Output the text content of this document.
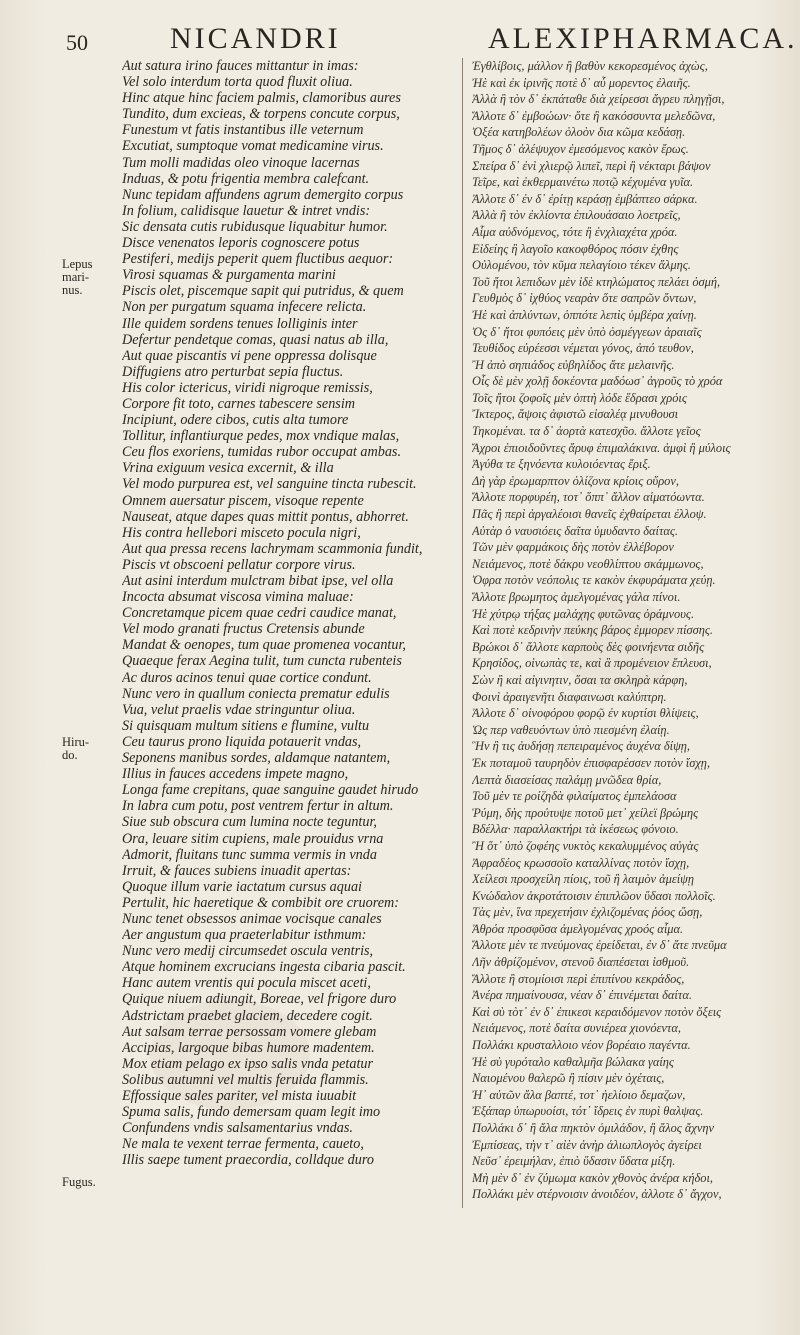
50	NICANDRI	ALEXIPHARMACA.
Lepus mari- nus.
Hiru- do.
Fugus.
Aut satura irino fauces mittantur in imas:
Vel solo interdum torta quod fluxit oliua.
Hinc atque hinc faciem palmis, clamoribus aures
Tundito, dum excieas, & torpens concute corpus,
Funestum vt fatis instantibus ille veternum
Excutiat, sumptoque vomat medicamine virus.
Tum molli madidas oleo vinoque lacernas
Induas, & potu frigentia membra calefcant.
Nunc tepidam affundens agrum demergito corpus
In folium, calidisque lauetur & intret vndis:
Sic densata cutis rubidusque liquabitur humor.
Disce venenatos leporis cognoscere potus
Pestiferi, medijs peperit quem fluctibus aequor:
Virosi squamas & purgamenta marini
Piscis olet, piscemque sapit qui putridus, & quem
Non per purgatum squama infecere relicta.
Ille quidem sordens tenues lolliginis inter
Defertur pendetque comas, quasi natus ab illa,
Aut quae piscantis vi pene oppressa dolisque
Diffugiens atro perturbat sepia fluctus.
His color ictericus, viridi nigroque remissis,
Corpore fit toto, carnes tabescere sensim
Incipiunt, odere cibos, cutis alta tumore
Tollitur, inflantiurque pedes, mox vndique malas,
Ceu flos exoriens, tumidas rubor occupat ambas.
Vrina exiguum vesica excernit, & illa
Vel modo purpurea est, vel sanguine tincta rubescit.
Omnem auersatur piscem, visoque repente
Nauseat, atque dapes quas mittit pontus, abhorret.
His contra hellebori misceto pocula nigri,
Aut qua pressa recens lachrymam scammonia fundit,
Piscis vt obscoeni pellatur corpore virus.
Aut asini interdum mulctram bibat ipse, vel olla
Incocta absumat viscosa vimina maluae:
Concretamque picem quae cedri caudice manat,
Vel modo granati fructus Cretensis abunde
Mandat & oenopes, tum quae promenea vocantur,
Quaeque ferax Aegina tulit, tum cuncta rubenteis
Ac duros acinos tenui quae cortice condunt.
Nunc vero in quallum coniecta prematur edulis
Vua, velut praelis vdae stringuntur oliua.
Si quisquam multum sitiens e flumine, vultu
Ceu taurus prono liquida potauerit vndas,
Seponens manibus sordes, aldamque natantem,
Illius in fauces accedens impete magno,
Longa fame crepitans, quae sanguine gaudet hirudo
In labra cum potu, post ventrem fertur in altum.
Siue sub obscura cum lumina nocte teguntur,
Ora, leuare sitim cupiens, male prouidus vrna
Admorit, fluitans tunc summa vermis in vnda
Irruit, & fauces subiens inuadit apertas:
Quoque illum varie iactatum cursus aquai
Pertulit, hic haeretique & combibit ore cruorem:
Nunc tenet obsessos animae vocisque canales
Aer angustum qua praeterlabitur isthmum:
Nunc vero medij circumsedet oscula ventris,
Atque hominem excrucians ingesta cibaria pascit.
Hanc autem vrentis qui pocula miscet aceti,
Quique niuem adiungit, Boreae, vel frigore duro
Adstrictam praebet glaciem, decedere cogit.
Aut salsam terrae persossam vomere glebam
Accipias, largoque bibas humore madentem.
Mox etiam pelago ex ipso salis vnda petatur
Solibus autumni vel multis feruida flammis.
Effossique sales pariter, vel mista iuuabit
Spuma salis, fundo demersam quam legit imo
Confundens vndis salsamentarius vndas.
Ne mala te vexent terrae fermenta, caueto,
Illis saepe tument praecordia, colldque duro
Ἐγθλίβοις, μάλλον ἢ βαθὺν κεκορεσμένος ἀχὼς,
Ἠὲ καὶ ἐκ ἰρινῆς ποτὲ δ᾽ αὖ μορεντος ἐλαιῆς.
Ἀλλὰ ἢ τὸν δ᾽ ἐκπάταθε διὰ χείρεσσι ἄγρευ πληγῇσι,
Ἄλλοτε δ᾽ ἐμβοώων· ὅτε ἢ κακόσσυντα μελεδῶνα,
Ὀξέα κατηβολέων ὀλοὸν δια κῶμα κεδάσῃ.
Τῆμος δ᾽ ἀλέψυχον ἐμεσόμενος κακὸν ἔρως.
Σπείρα δ᾽ ἐνὶ χλιερῷ λιπεῖ, περὶ ἢ νέκταρι βάψον
Τεῖρε, καὶ ἐκθερμαινέτω ποτῷ κέχυμένα γυῖα.
Ἀλλοτε δ᾽ ἐν δ᾽ ἐρίτῃ κεράσῃ ἐμβάπτεο σάρκα.
Ἀλλὰ ἢ τὸν ἐκλίοντα ἐπιλουάσαιο λοετρεῖς,
Αἷμα αὐδνόμενος, τότε ἢ ἐνχλιαχέτα χρόα.
Εἰδείης ἢ λαγοῖο κακοφθόρος πόσιν ἐχθης
Οὐλομένου, τὸν κῦμα πελαγίοιο τέκεν ἅλμης.
Τοῦ ἤτοι λεπιδων μὲν ἰδὲ κτηλώματος πελάει ὀσμή,
Γευθμὸς δ᾽ ἰχθύος νεαρὰν ὅτε σαπρῶν ὄντων,
Ἠὲ καὶ ἀπλύντων, ὁππότε λεπὶς ὑμβέρα χαίνῃ.
Ὀς δ᾽ ἤτοι φυπόεις μὲν ὑπὸ ὀσμέγγεων ἀραιαῖς
Τευθίδος εὐρέεσσι νέμεται γόνος, ἀπό τευθον,
Ἢ ἀπὸ σηπιάδος εὐβηλίδος ἄτε μελαινῆς.
Οἷς δὲ μὲν χολῇ δοκέοντα μαδόωσ᾽ ἀγροῦς τὸ χρόα
Τοῖς ἤτοι ζοφοῖς μὲν ὀπτὴ λόδε ἕδρασι χρόις
Ἴκτερος, ἄψοις ἀφιστῶ εἰσαλέᾳ μινυθουσι
Τηκομέναι. τα δ᾽ ἀορτὰ κατεσχῦο. ἄλλοτε γεῖος
Ἄχροι ἐπιοιδοῦντες ἄρυφ ἐπιμαλάκινα. ἀμφὶ ἢ μύλοις
Ἀγύθα τε ξηνόεντα κυλοιόεντας ἔριξ.
Δὴ γὰρ ἐρωμαρπτον ὀλίζονα κρίοις οὔρον,
Ἄλλοτε πορφυρέη, τοτ᾽ ὅππ᾽ ἄλλον αἱματόωντα.
Πᾶς ἢ περὶ ἀργαλέοισι θανεῖς ἐχθαίρεται ἐλλοψ.
Αὐτὰρ ὁ ναυσιόεις δαῖτα ὑμυδαντο δαίτας.
Τῶν μὲν φαρμάκοις δὴς ποτὸν ἐλλέβορον
Νειάμενος, ποτὲ δάκρυ νεοθλίπτου σκάμμωνος,
Ὀφρα ποτὸν νεόπολις τε κακὸν ἐκφυράματα χεύῃ.
Ἄλλοτε βρωμητος ἀμελγομένας γάλα πίνοι.
Ἠὲ χύτρῳ τήξας μαλάχης φυτῶνας ὀράμνους.
Καὶ ποτὲ κεδρινὴν πεύκης βάρος ἐμμορεν πίσσης.
Βρώκοι δ᾽ ἄλλοτε καρποὺς δὲς φοινήεντα σιδῆς
Κρησίδος, οἰνωπὰς τε, καὶ ἃ προμένειον ἔπλευσι,
Σὼν ἢ καὶ αἰγινητιν, ὅσαι τα σκληρὰ κάρφη,
Φοινὶ ἀραιγενῆτι διαφαινωσι καλύπτρη.
Ἀλλοτε δ᾽ οἰνοφόρου φορῷ ἐν κυρτίσι θλίψεις,
Ὡς περ ναθευόντων ὑπὸ πιεσμένη ἐλαίῃ.
Ἣν ἢ τις ἀυδήσῃ πεπειραμένος ἀυχένα δίψῃ,
Ἐκ ποταμοῦ ταυρηδὸν ἐπισφαρέσσεν ποτὸν ἴσχῃ,
Λεπτὰ διασείσας παλάμῃ μνῶδεα θρία,
Τοῦ μὲν τε ροίζηδὰ φιλαίματος ἐμπελάοσα
Ῥύμη, δὴς προὐτυψε ποτοῦ μετ᾽ χείλεϊ βρώμης
Βδέλλα· παραλλακτήρι τὰ ἰκέσεως φόνοιο.
Ἢ ὅτ᾽ ὑπὸ ζοφέης νυκτὸς κεκαλυμμένος αὐγὰς
Ἀφραδέος κρωσσοῖο καταλλίνας ποτὸν ἴσχῃ,
Χείλεσι προσχείλη πίοις, τοῦ ἢ λαιμὸν ἀμείψῃ
Κνώδαλον ἀκροτάτοισιν ἐπιπλῶον ὕδασι πολλοῖς.
Τὰς μὲν, ἵνα πρεχετήσιν ἐχλιζομένας ῥόος ὤσῃ,
Ἀθρόα προσφῦσα ἀμελγομένας χροός αἷμα.
Ἄλλοτε μὲν τε πνεύμονας ἐρείδεται, ἐν δ᾽ ἄτε πνεῦμα
Λῆν ἀθρίζομένον, στενοῦ διαπέσεται ἰσθμοῦ.
Ἄλλοτε ἢ στομίοισι περὶ ἐπιπίνου κεκράδος,
Ἀνέρα πημαίνουσα, νέαν δ᾽ ἐπινέμεται δαίτα.
Καὶ σὺ τὸτ᾽ ἐν δ᾽ ἐπικεσι κεραιδόμενον ποτὸν ὄξεις
Νειάμενος, ποτὲ δαίτα συνιέρεα χιονόεντα,
Πολλάκι κρυσταλλοιο νέον βορέαιο παγέντα.
Ἠὲ σὺ γυρόταλο καθαλμῆα βώλακα γαίης
Ναιομένου θαλερῶ ἢ πίσιν μὲν ὀχέταις,
Ἠ᾽ αὐτῶν ἄλα βαπτέ, τοτ᾽ ἠελίοιο δεμαζων,
Ἐξάπαρ ὑπωρυοίσι, τότ᾽ ἴδρεις ἐν πυρὶ θαλψας.
Πολλάκι δ᾽ ἢ ἄλα πηκτὸν ὁμιλάδον, ἢ ἄλος ἄχνην
Ἐμπίσεας, τὴν τ᾽ αἰὲν ἀνὴρ ἁλιωπλογὸς ἀγείρει
Νεῦσ᾽ ἐρειμήλαν, ἐπιὸ ὕδασιν ὕδατα μίξη.
Μὴ μὲν δ᾽ ἐν ζύμωμα κακὸν χθονὸς ἀνέρα κήδοι,
Πολλάκι μὲν στέρνοισιν ἀνοιδέον, ἀλλοτε δ᾽ ἄγχον,
